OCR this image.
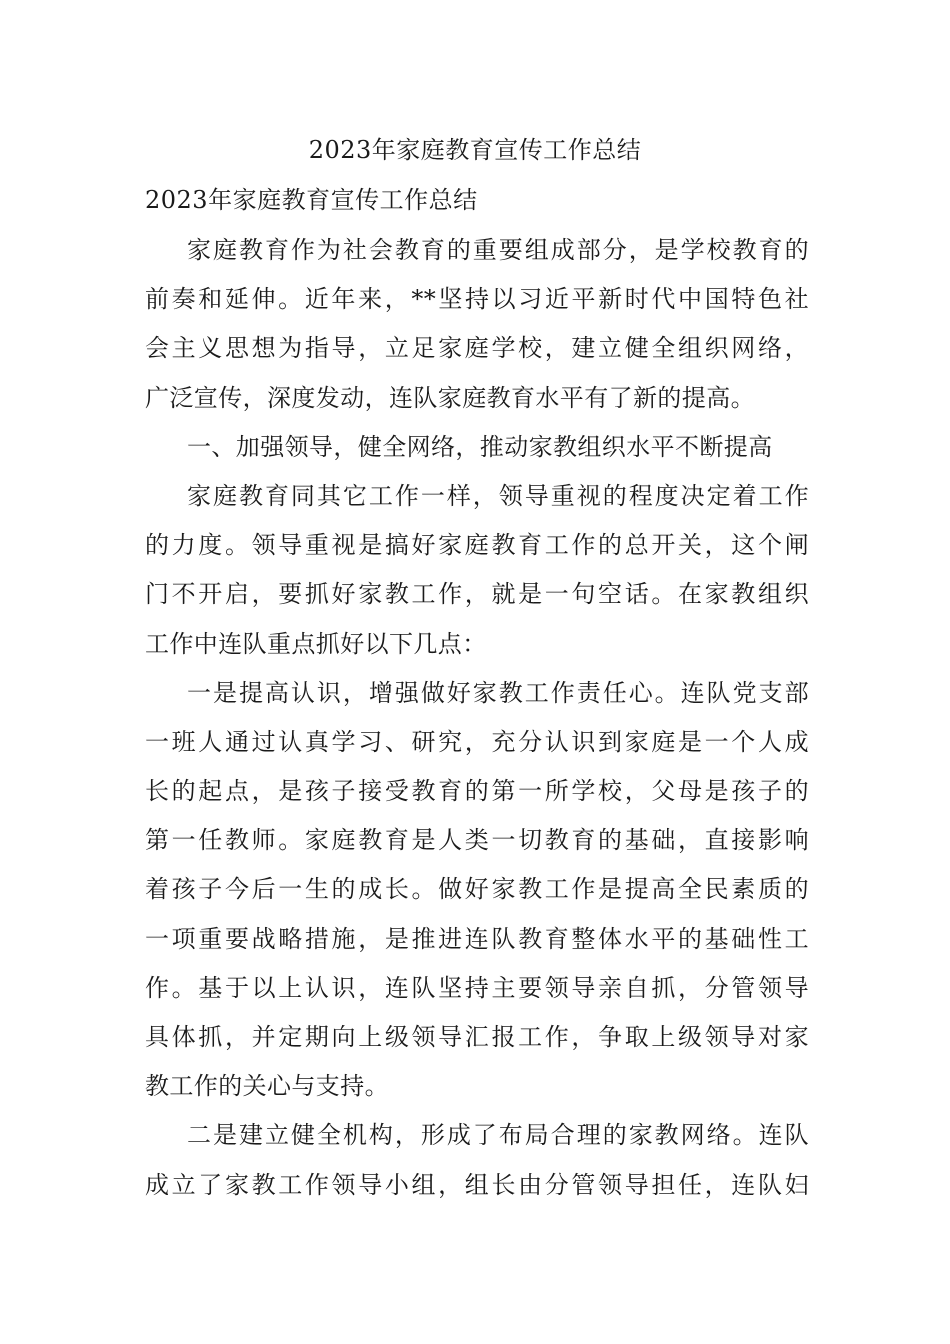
2023年家庭教育宣传工作总结
2023年家庭教育宣传工作总结
家庭教育作为社会教育的重要组成部分，是学校教育的
前奏和延伸。近年来，**坚持以习近平新时代中国特色社
会主义思想为指导，立足家庭学校，建立健全组织网络，
广泛宣传，深度发动，连队家庭教育水平有了新的提高。
一、加强领导，健全网络，推动家教组织水平不断提高
家庭教育同其它工作一样，领导重视的程度决定着工作
的力度。领导重视是搞好家庭教育工作的总开关，这个闸
门不开启，要抓好家教工作，就是一句空话。在家教组织
工作中连队重点抓好以下几点：
一是提高认识，增强做好家教工作责任心。连队党支部
一班人通过认真学习、研究，充分认识到家庭是一个人成
长的起点，是孩子接受教育的第一所学校，父母是孩子的
第一任教师。家庭教育是人类一切教育的基础，直接影响
着孩子今后一生的成长。做好家教工作是提高全民素质的
一项重要战略措施，是推进连队教育整体水平的基础性工
作。基于以上认识，连队坚持主要领导亲自抓，分管领导
具体抓，并定期向上级领导汇报工作，争取上级领导对家
教工作的关心与支持。
二是建立健全机构，形成了布局合理的家教网络。连队
成立了家教工作领导小组，组长由分管领导担任，连队妇
